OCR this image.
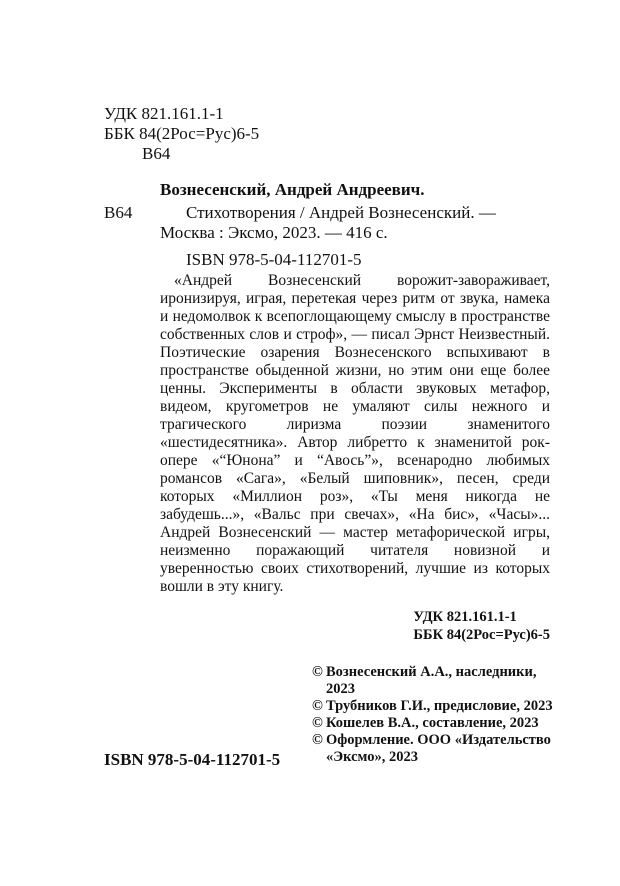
УДК 821.161.1-1
ББК 84(2Рос=Рус)6-5
В64
Вознесенский, Андрей Андреевич.
В64	Стихотворения / Андрей Вознесенский. —
Москва : Эксмо, 2023. — 416 с.
ISBN 978-5-04-112701-5

«Андрей Вознесенский ворожит-завораживает, иронизируя, играя, перетекая через ритм от звука, намека и недомолвок к всепоглощающему смыслу в пространстве собственных слов и строф», — писал Эрнст Неизвестный. Поэтические озарения Вознесенского вспыхивают в пространстве обыденной жизни, но этим они еще более ценны. Эксперименты в области звуковых метафор, видеом, кругометров не умаляют силы нежного и трагического лиризма поэзии знаменитого «шестидесятника». Автор либретто к знаменитой рок-опере «“Юнона” и “Авось”», всенародно любимых романсов «Сага», «Белый шиповник», песен, среди которых «Миллион роз», «Ты меня никогда не забудешь...», «Вальс при свечах», «На бис», «Часы»... Андрей Вознесенский — мастер метафорической игры, неизменно поражающий читателя новизной и уверенностью своих стихотворений, лучшие из которых вошли в эту книгу.

УДК 821.161.1-1
ББК 84(2Рос=Рус)6-5
© Вознесенский А.А., наследники, 2023
© Трубников Г.И., предисловие, 2023
© Кошелев В.А., составление, 2023
© Оформление. ООО «Издательство «Эксмо», 2023
ISBN 978-5-04-112701-5
